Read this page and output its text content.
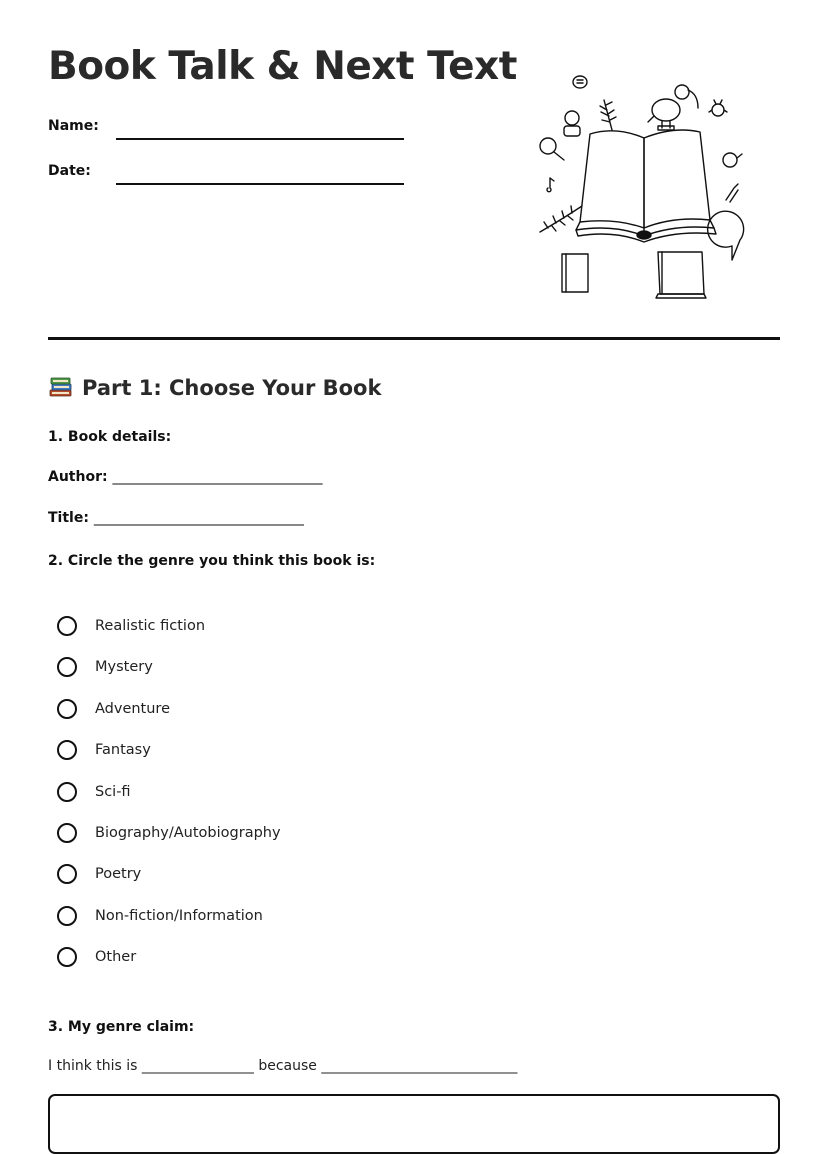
Book Talk & Next Text
Name:
Date:
Part 1: Choose Your Book

1. Book details:

Author: ______________________________

Title: ______________________________

2. Circle the genre you think this book is:

Realistic fiction
Mystery
Adventure
Fantasy
Sci-fi
Biography/Autobiography
Poetry
Non-fiction/Information
Other

3. My genre claim:

I think this is ________________ because ____________________________
